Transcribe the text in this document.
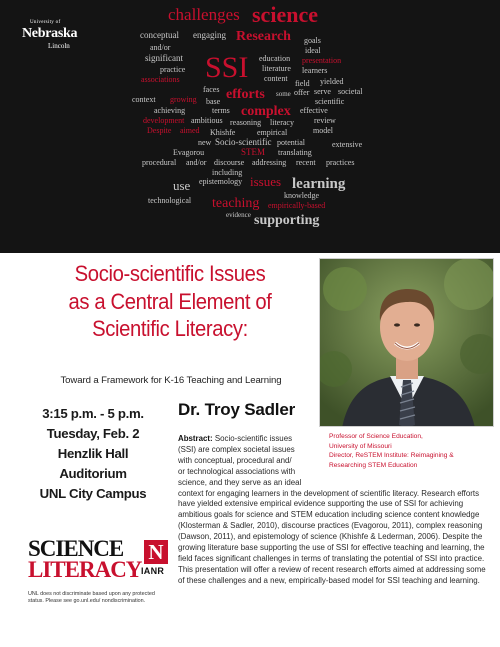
challenges science
conceptual engaging Research goals
and/or	ideal
significant SSI education presentation
practice	literature learners
associations	content
field yielded
faces efforts some offer serve societal
context growing base	scientific
achieving	terms complex effective
development ambitious reasoning literacy	review
Despite aimed Khishfe	empirical	model
new Socio-scientific potential	extensive
Evagorou	STEM translating
procedural and/or discourse addressing recent practices
including
use epistemology issues learning
technological
knowledge
teaching empirically-based
evidence supporting
University of
Nebraska
Lincoln
Socio-scientific Issues
as a Central Element of
Scientific Literacy:
Toward a Framework for K-16 Teaching and Learning
3:15 p.m. - 5 p.m.
Tuesday, Feb. 2
Henzlik Hall
Auditorium
UNL City Campus
Dr. Troy Sadler
Professor of Science Education,
University of Missouri
Director, ReSTEM Institute: Reimagining &
Researching STEM Education
Abstract: Socio-scientific issues
(SSI) are complex societal issues
with conceptual, procedural and/
or technological associations with
science, and they serve as an ideal
context for engaging learners in the development of scientific literacy. Research efforts have yielded extensive empirical evidence supporting the use of SSI for achieving ambitious goals for science and STEM education including science content knowledge (Klosterman & Sadler, 2010), discourse practices (Evagorou, 2011), complex reasoning (Dawson, 2011), and epistemology of science (Khishfe & Lederman, 2006). Despite the growing literature base supporting the use of SSI for effective teaching and learning, the field faces significant challenges in terms of translating the potential of SSI into practice. This presentation will offer a review of recent research efforts aimed at addressing some of these challenges and a new, empirically-based model for SSI teaching and learning.
SCIENCE
LITERACY
N
IANR
UNL does not discriminate based upon any protected status. Please see go.unl.edu/ nondiscrimination.
